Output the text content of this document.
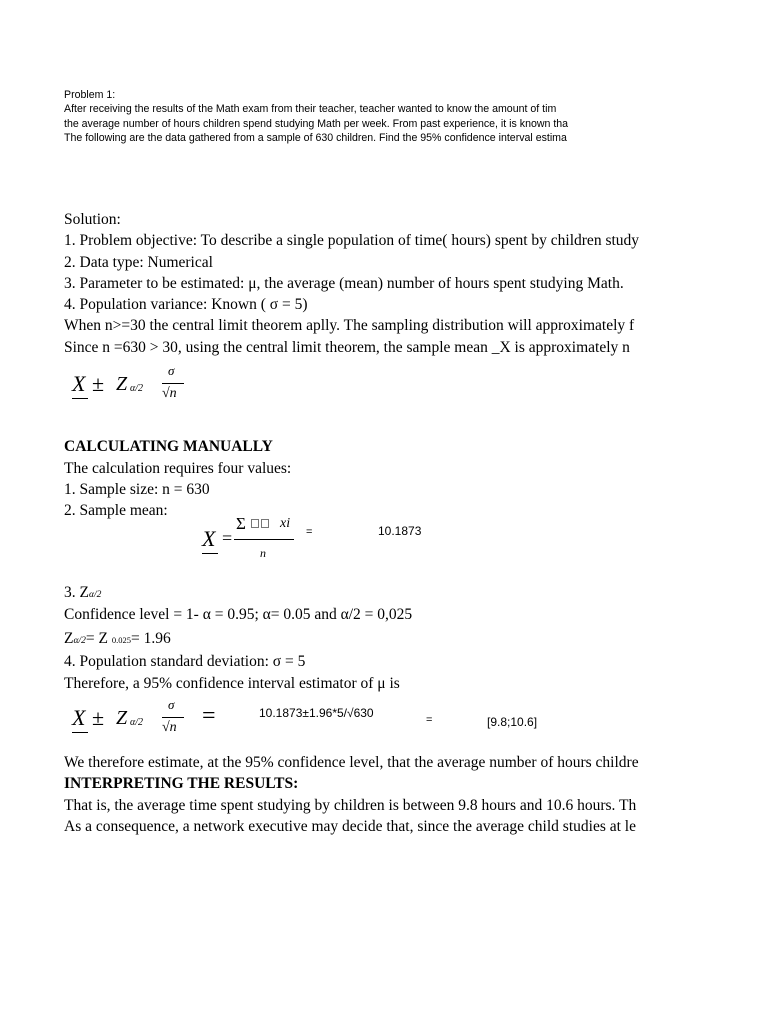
Problem 1:
After receiving the results of the Math exam from their teacher, teacher wanted to know the amount of tim
the average number of hours children spend studying Math per week. From past experience, it is known tha
The following are the data gathered from a sample of 630 children. Find the 95% confidence interval estima
Solution:
1. Problem objective: To describe a single population of time( hours) spent by children study
2. Data type: Numerical
3. Parameter to be estimated: μ, the average (mean) number of hours spent studying Math.
4. Population variance: Known ( σ = 5)
When n>=30 the central limit theorem aplly. The sampling distribution will approximately f
Since n =630 > 30, using the central limit theorem, the sample mean _X is approximately n
X ± Z α/2
σ
√n
CALCULATING MANUALLY
The calculation requires four values:
1. Sample size: n = 630
2. Sample mean:
X =
Σ xi
n
=	10.1873
3. Zα/2
Confidence level = 1- α = 0.95; α= 0.05 and α/2 = 0,025
Zα/2= Z 0.025= 1.96
4. Population standard deviation: σ = 5
Therefore, a 95% confidence interval estimator of μ is
X ± Z α/2
σ
√n =	10.1873±1.96*5/√630	=	[9.8;10.6]
We therefore estimate, at the 95% confidence level, that the average number of hours childre
INTERPRETING THE RESULTS:
That is, the average time spent studying by children is between 9.8 hours and 10.6 hours. Th
As a consequence, a network executive may decide that, since the average child studies at le
